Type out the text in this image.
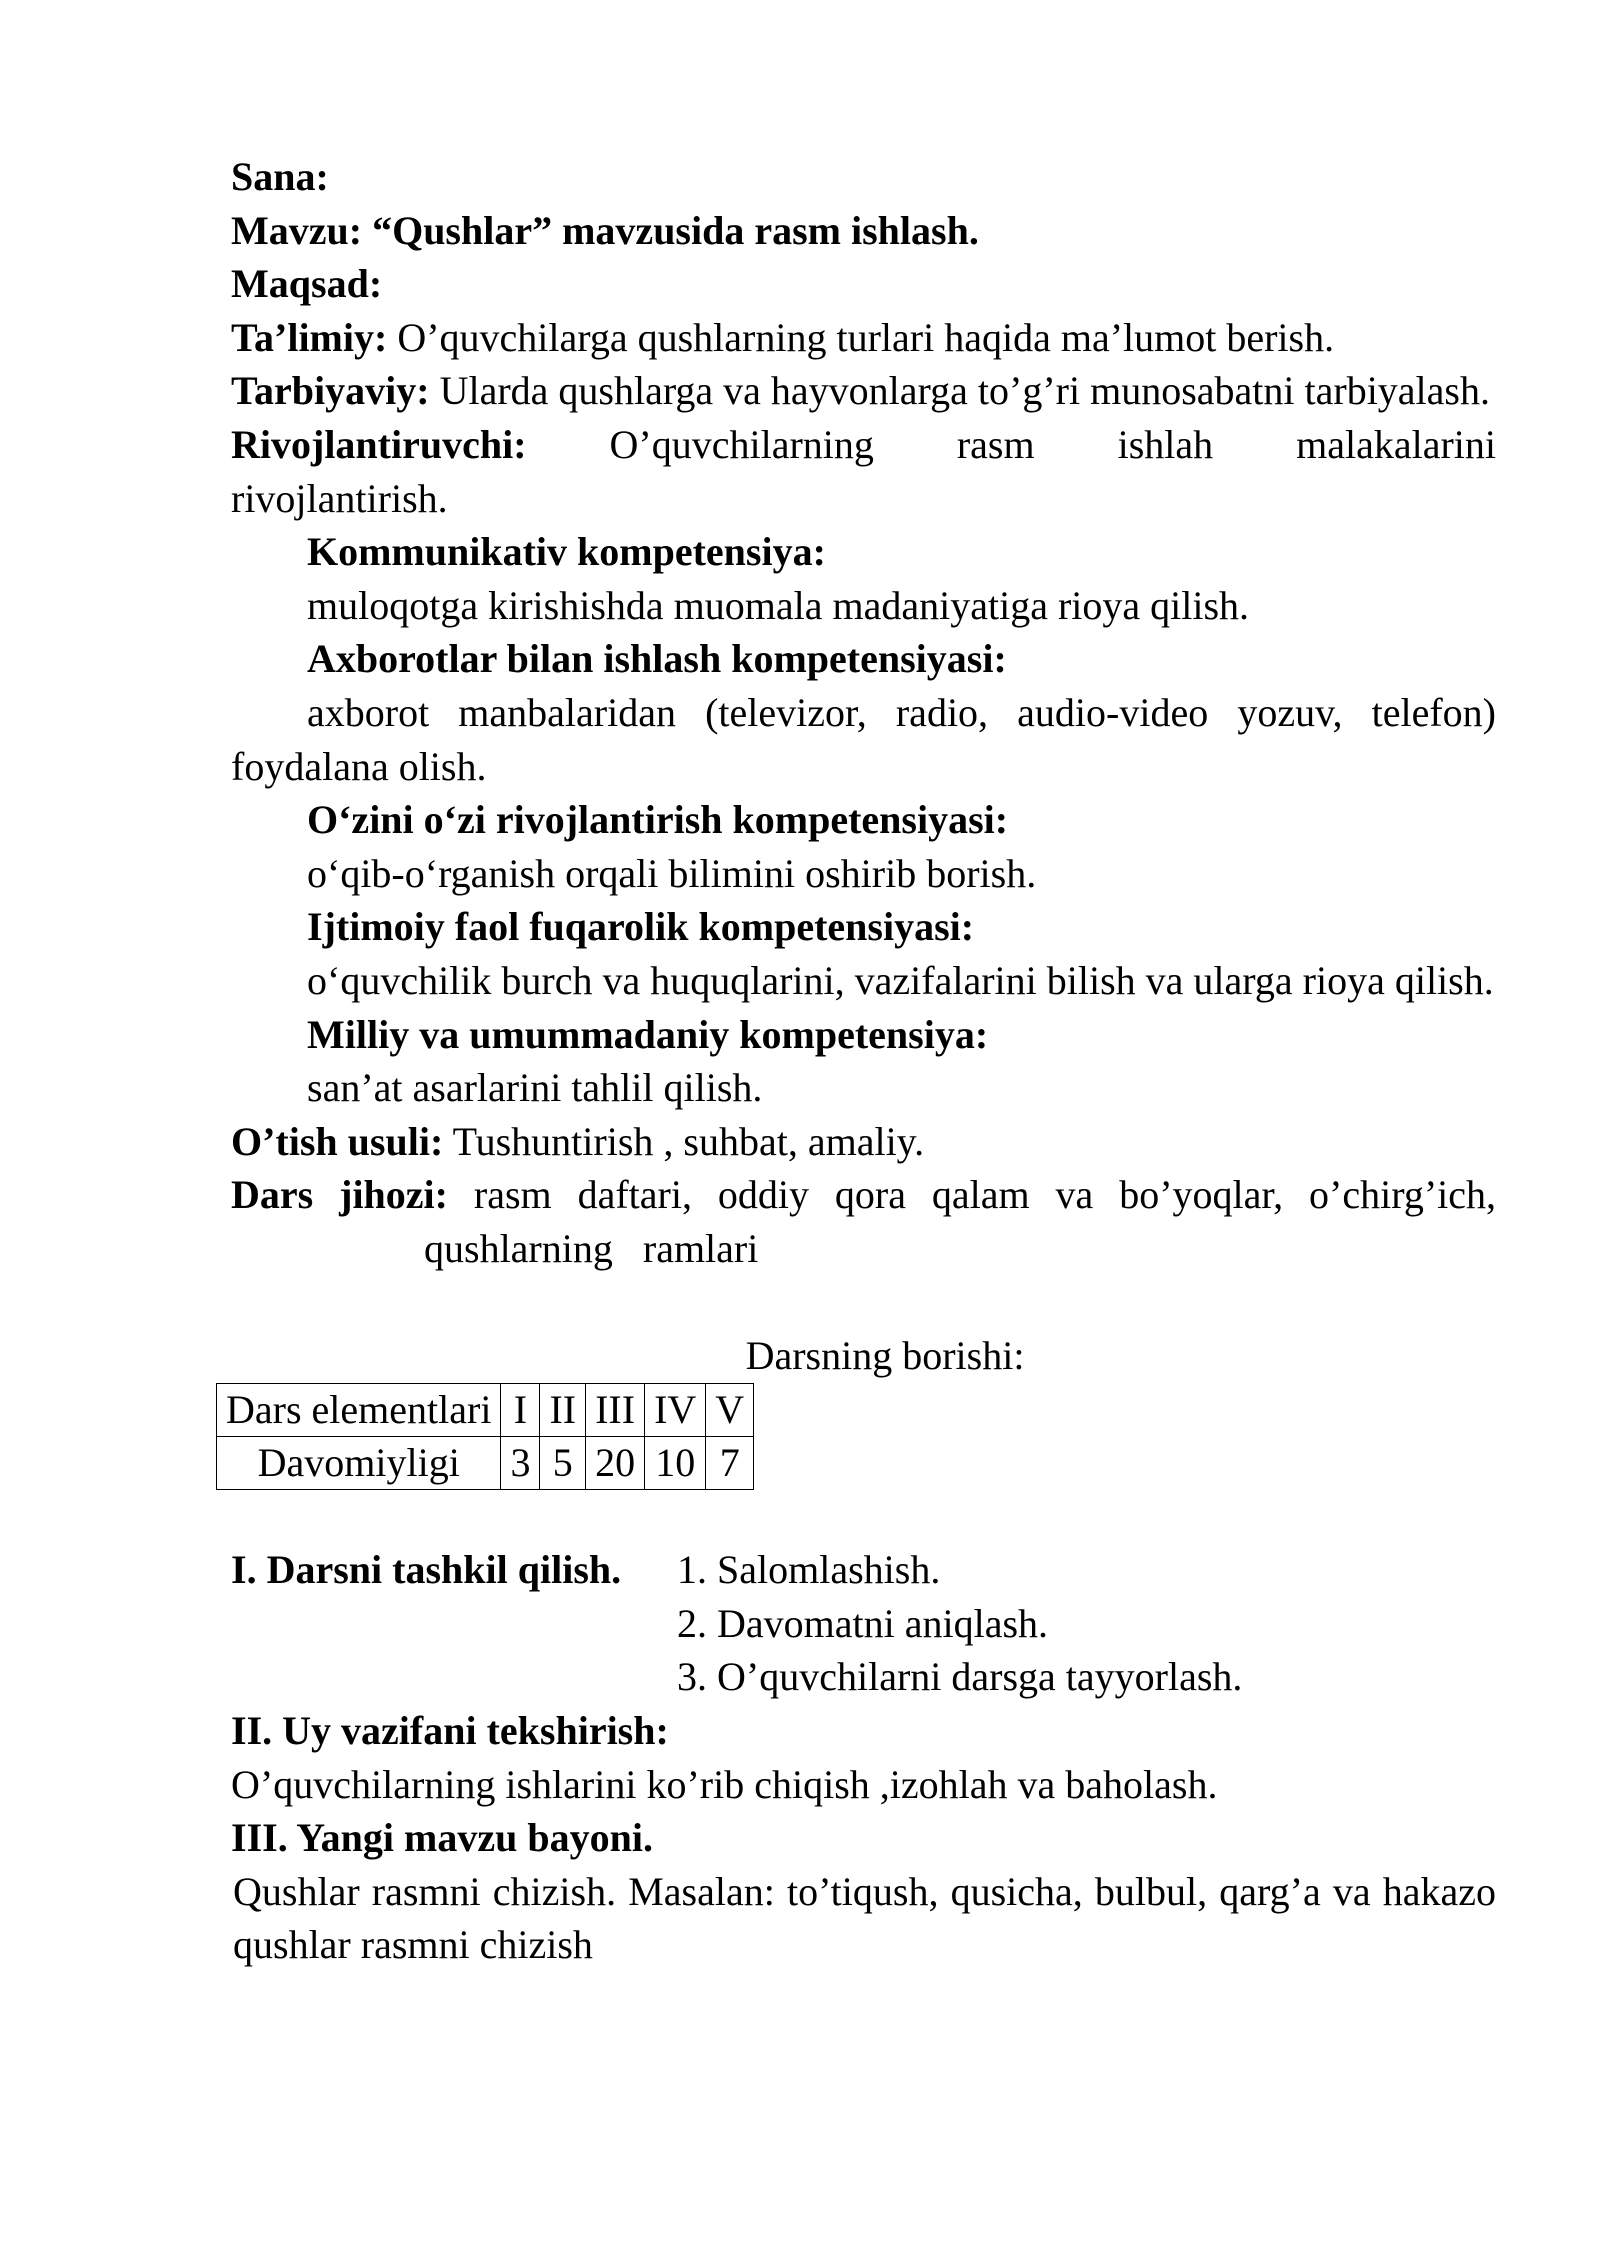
Sana:

Mavzu: “Qushlar” mavzusida rasm ishlash.

Maqsad:

Ta’limiy: O’quvchilarga qushlarning turlari haqida ma’lumot berish.

Tarbiyaviy: Ularda qushlarga va hayvonlarga to’g’ri munosabatni tarbiyalash.

Rivojlantiruvchi: O’quvchilarning rasm ishlah malakalarini rivojlantirish.

Kommunikativ kompetensiya:

muloqotga kirishishda muomala madaniyatiga rioya qilish.

Axborotlar bilan ishlash kompetensiyasi:

axborot manbalaridan (televizor, radio, audio-video yozuv, telefon) foydalana olish.

O‘zini o‘zi rivojlantirish kompetensiyasi:

o‘qib-o‘rganish orqali bilimini oshirib borish.

Ijtimoiy faol fuqarolik kompetensiyasi:

o‘quvchilik burch va huquqlarini, vazifalarini bilish va ularga rioya qilish.

Milliy va umummadaniy kompetensiya:

san’at asarlarini tahlil qilish.

O’tish usuli: Tushuntirish , suhbat, amaliy.

Dars jihozi: rasm daftari, oddiy qora qalam va bo’yoqlar, o’chirg’ich,

qushlarning   ramlari

Darsning borishi:

Dars elementlari	I	II	III	IV	V
Davomiyligi	3	5	20	10	7
I. Darsni tashkil qilish.	1. Salomlashish.
2. Davomatni aniqlash.
3. O’quvchilarni darsga tayyorlash.

II. Uy vazifani tekshirish:

O’quvchilarning ishlarini ko’rib chiqish ,izohlah va baholash.

III. Yangi mavzu bayoni.

Qushlar rasmni chizish. Masalan: to’tiqush, qusicha, bulbul, qarg’a va hakazo qushlar rasmni chizish
